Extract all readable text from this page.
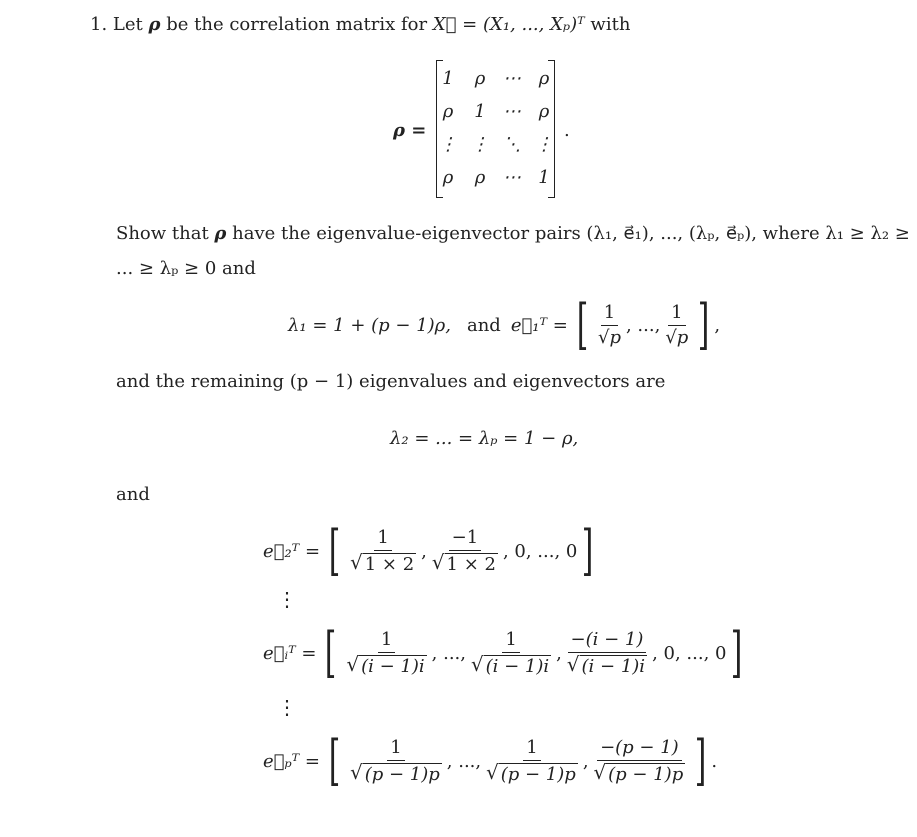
1. Let ρ be the correlation matrix for X⃗ = (X₁, ..., Xₚ)ᵀ with
ρ =
1	ρ ⋯ ρ
ρ	1 ⋯ ρ
⋮ ⋮ ⋱ ⋮
ρ	ρ ⋯ 1
.
Show that ρ have the eigenvalue-eigenvector pairs (λ₁, e⃗₁), ..., (λₚ, e⃗ₚ), where λ₁ ≥ λ₂ ≥
... ≥ λₚ ≥ 0 and
λ₁ = 1 + (p − 1)ρ, and e⃗₁ᵀ = [ $\frac{1}{√p}$ , ..., $\frac{1}{√p}$ ] ,
and the remaining (p − 1) eigenvalues and eigenvectors are
λ₂ = ... = λₚ = 1 − ρ,
and
e⃗₂ᵀ = [ $\frac{1}{√ 1 \times 2}$ , $\frac{-1}{√ 1 \times 2}$ , 0, ..., 0 ]
⋮
e⃗ᵢᵀ = [ $\frac{1}{√ (i - 1)i}$ , ..., $\frac{1}{√ (i - 1)i}$ , $\frac{-(i - 1)}{√ (i - 1)i}$ , 0, ..., 0 ]
⋮
e⃗ₚᵀ = [ $\frac{1}{√ (p - 1)p}$ , ..., $\frac{1}{√ (p - 1)p}$ , $\frac{-(p - 1)}{√ (p - 1)p}$ ] .
